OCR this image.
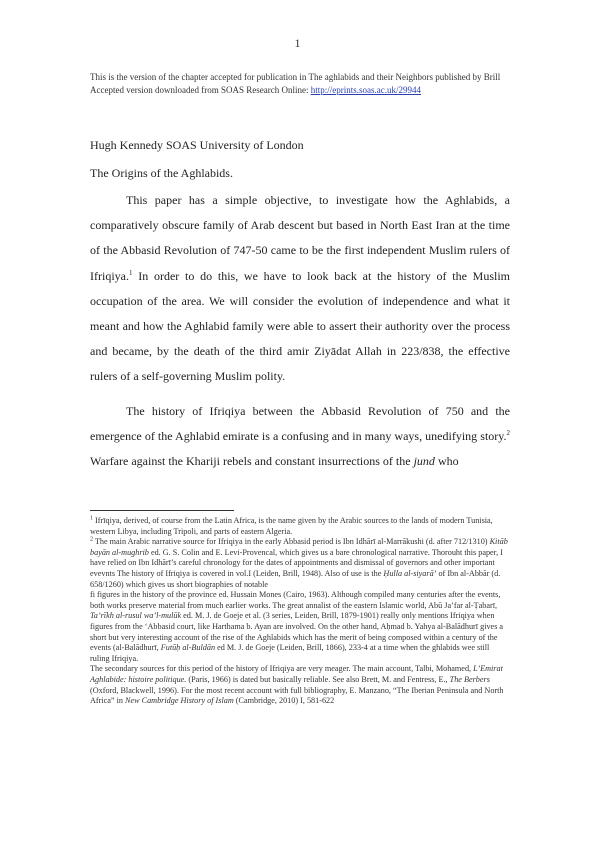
1
This is the version of the chapter accepted for publication in The aghlabids and their Neighbors published by Brill
Accepted version downloaded from SOAS Research Online: http://eprints.soas.ac.uk/29944
Hugh Kennedy SOAS University of London
The Origins of the Aghlabids.

This paper has a simple objective, to investigate how the Aghlabids, a comparatively obscure family of Arab descent but based in North East Iran at the time of the Abbasid Revolution of 747-50 came to be the first independent Muslim rulers of Ifriqiya.$^1$ In order to do this, we have to look back at the history of the Muslim occupation of the area. We will consider the evolution of independence and what it meant and how the Aghlabid family were able to assert their authority over the process and became, by the death of the third amir Ziyādat Allah in 223/838, the effective rulers of a self-governing Muslim polity.

The history of Ifriqiya between the Abbasid Revolution of 750 and the emergence of the Aghlabid emirate is a confusing and in many ways, unedifying story.$^2$ Warfare against the Khariji rebels and constant insurrections of the jund who

$^1$ Ifrīqiya, derived, of course from the Latin Africa, is the name given by the Arabic sources to the lands of modern Tunisia, western Libya, including Tripoli, and parts of eastern Algeria.

$^2$ The main Arabic narrative source for Ifriqiya in the early Abbasid period is Ibn Idhārī al-Marrākushi (d. after 712/1310) Kitāb bayān al-mughrib ed. G. S. Colin and E. Levi-Provencal, which gives us a bare chronological narrative. Thorouht this paper, I have relied on Ibn Idhārī’s careful chronology for the dates of appointments and dismissal of governors and other important evevnts The history of Ifriqiya is covered in vol.I (Leiden, Brill, 1948). Also of use is the Ḥulla al-siyarā’ of Ibn al-Abbār (d. 658/1260) which gives us short biographies of notable

fi figures in the history of the province ed. Hussain Mones (Cairo, 1963). Although compiled many centuries after the events, both works preserve material from much earlier works. The great annalist of the eastern Islamic world, Abū Ja’far al-Ṭabarī, Ta’rīkh al-rusul wa’l-mulūk ed. M. J. de Goeje et al. (3 series, Leiden, Brill, 1879-1901) really only mentions Ifriqiya when figures from the ‘Abbasid court, like Harthama b. Ayan are involved. On the other hand, Aḥmad b. Yahya al-Balādhurī gives a short but very interesting account of the rise of the Aghlabids which has the merit of being composed within a century of the events (al-Balādhurī, Futūḥ al-Buldān ed M. J. de Goeje (Leiden, Brill, 1866), 233-4 at a time when the ghlabids wee still ruling Ifriqiya.

The secondary sources for this period of the history of Ifriqiya are very meager. The main account, Talbi, Mohamed, L’Emirat Aghlabide: histoire politique. (Paris, 1966) is dated but basically reliable. See also Brett, M. and Fentress, E., The Berbers (Oxford, Blackwell, 1996). For the most recent account with full bibliography, E. Manzano, “The Iberian Peninsula and North Africa” in New Cambridge History of Islam (Cambridge, 2010) I, 581-622
